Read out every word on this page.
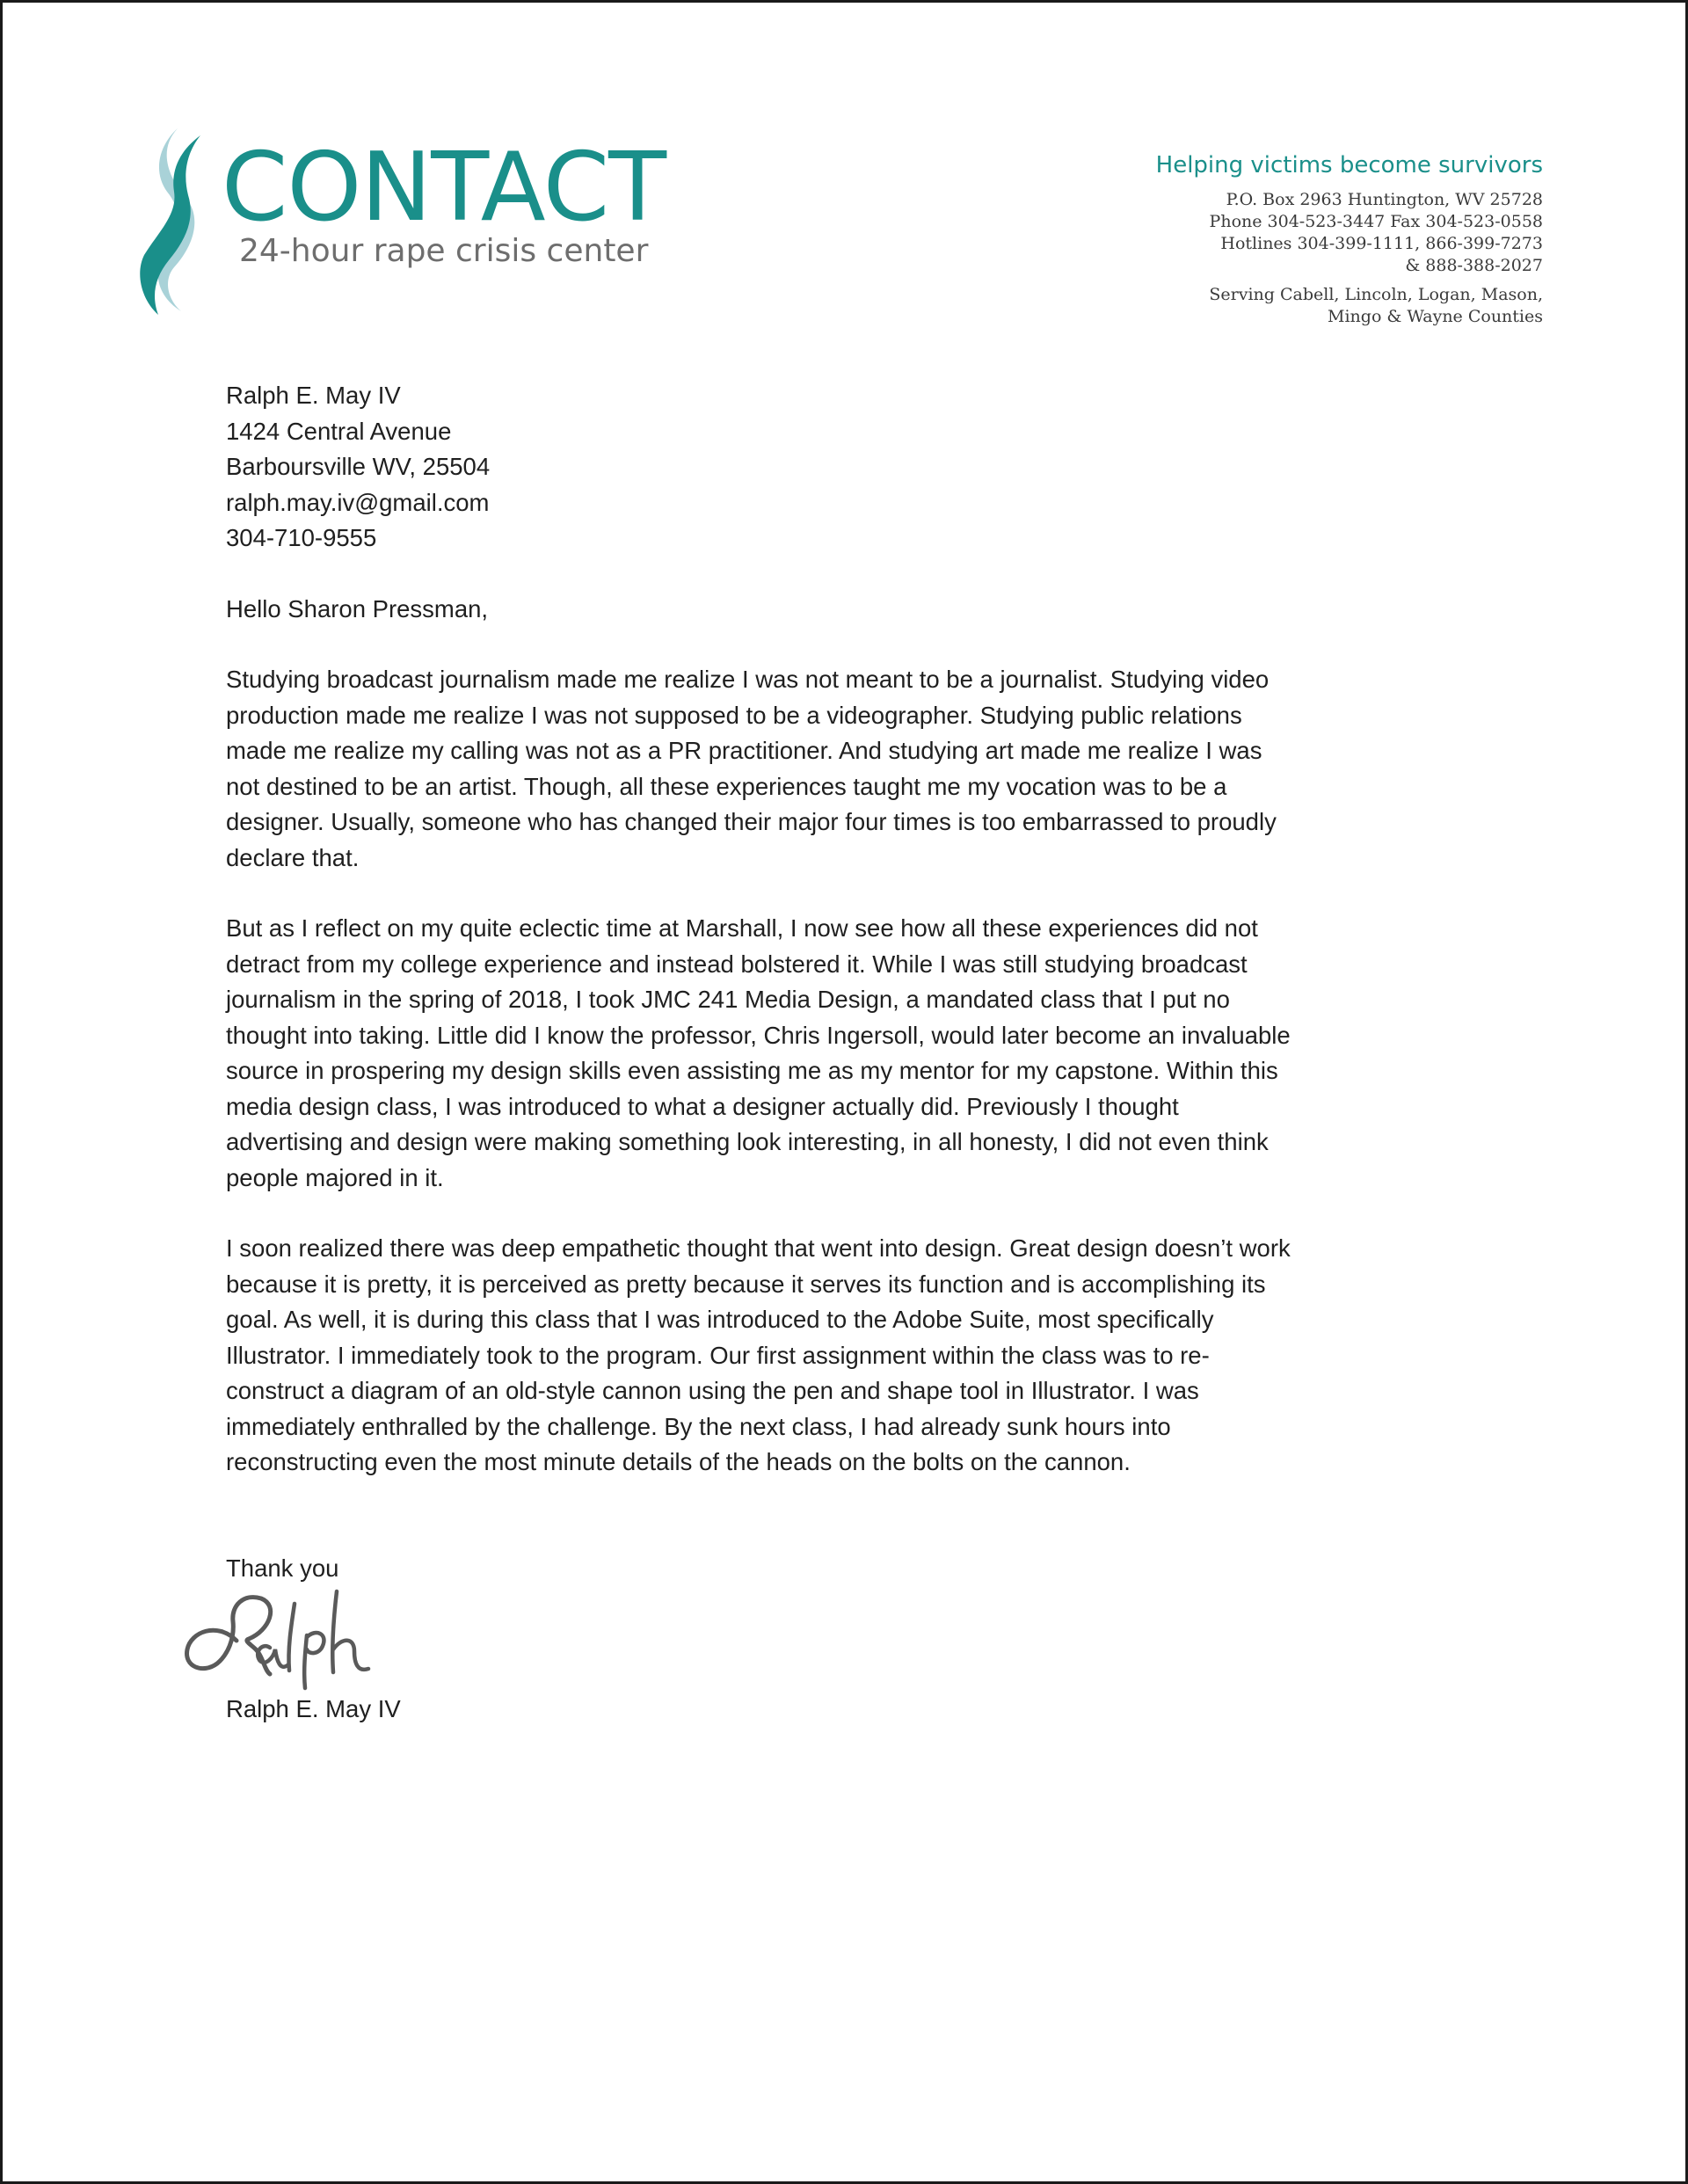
CONTACT
24-hour rape crisis center
Helping victims become survivors
P.O. Box 2963 Huntington, WV 25728
Phone 304-523-3447 Fax 304-523-0558
Hotlines 304-399-1111, 866-399-7273
& 888-388-2027
Serving Cabell, Lincoln, Logan, Mason,
Mingo & Wayne Counties
Ralph E. May IV
1424 Central Avenue
Barboursville WV, 25504
ralph.may.iv@gmail.com
304-710-9555
Hello Sharon Pressman,

Studying broadcast journalism made me realize I was not meant to be a journalist. Studying video production made me realize I was not supposed to be a videographer. Studying public relations made me realize my calling was not as a PR practitioner. And studying art made me realize I was not destined to be an artist. Though, all these experiences taught me my vocation was to be a designer. Usually, someone who has changed their major four times is too embarrassed to proudly declare that.

But as I reflect on my quite eclectic time at Marshall, I now see how all these experiences did not detract from my college experience and instead bolstered it. While I was still studying broadcast journalism in the spring of 2018, I took JMC 241 Media Design, a mandated class that I put no thought into taking. Little did I know the professor, Chris Ingersoll, would later become an invaluable source in prospering my design skills even assisting me as my mentor for my capstone. Within this media design class, I was introduced to what a designer actually did. Previously I thought advertising and design were making something look interesting, in all honesty, I did not even think people majored in it.

I soon realized there was deep empathetic thought that went into design. Great design doesn’t work because it is pretty, it is perceived as pretty because it serves its function and is accomplishing its goal. As well, it is during this class that I was introduced to the Adobe Suite, most specifically Illustrator. I immediately took to the program. Our first assignment within the class was to re-construct a diagram of an old-style cannon using the pen and shape tool in Illustrator. I was immediately enthralled by the challenge. By the next class, I had already sunk hours into reconstructing even the most minute details of the heads on the bolts on the cannon.

Thank you
Ralph E. May IV
